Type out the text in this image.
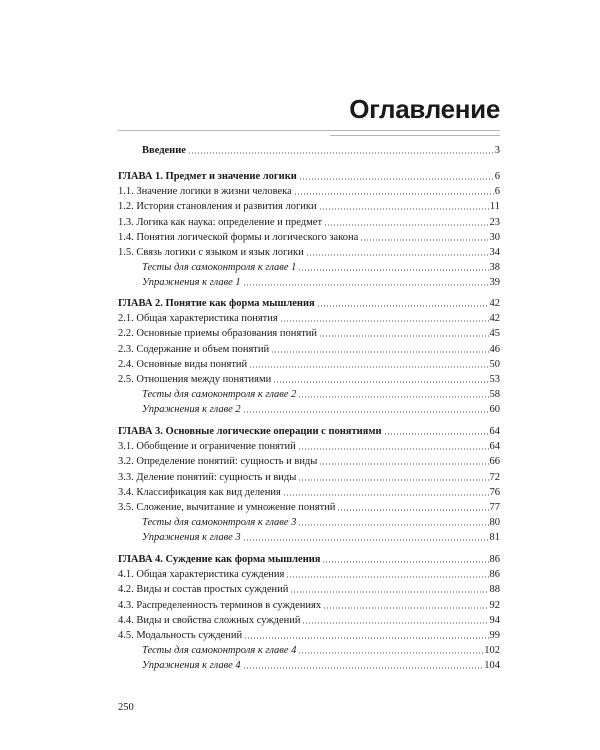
Оглавление
Введение	3
ГЛАВА 1. Предмет и значение логики	6
1.1. Значение логики в жизни человека	6
1.2. История становления и развития логики	11
1.3. Логика как наука: определение и предмет	23
1.4. Понятия логической формы и логического закона	30
1.5. Связь логики с языком и язык логики	34
Тесты для самоконтроля к главе 1	38
Упражнения к главе 1	39
ГЛАВА 2. Понятие как форма мышления	42
2.1. Общая характеристика понятия	42
2.2. Основные приемы образования понятий	45
2.3. Содержание и объем понятий	46
2.4. Основные виды понятий	50
2.5. Отношения между понятиями	53
Тесты для самоконтроля к главе 2	58
Упражнения к главе 2	60
ГЛАВА 3. Основные логические операции с понятиями	64
3.1. Обобщение и ограничение понятий	64
3.2. Определение понятий: сущность и виды	66
3.3. Деление понятий: сущность и виды	72
3.4. Классификация как вид деления	76
3.5. Сложение, вычитание и умножение понятий	77
Тесты для самоконтроля к главе 3	80
Упражнения к главе 3	81
ГЛАВА 4. Суждение как форма мышления	86
4.1. Общая характеристика суждения	86
4.2. Виды и состав простых суждений	88
4.3. Распределенность терминов в суждениях	92
4.4. Виды и свойства сложных суждений	94
4.5. Модальность суждений	99
Тесты для самоконтроля к главе 4	102
Упражнения к главе 4	104
250
